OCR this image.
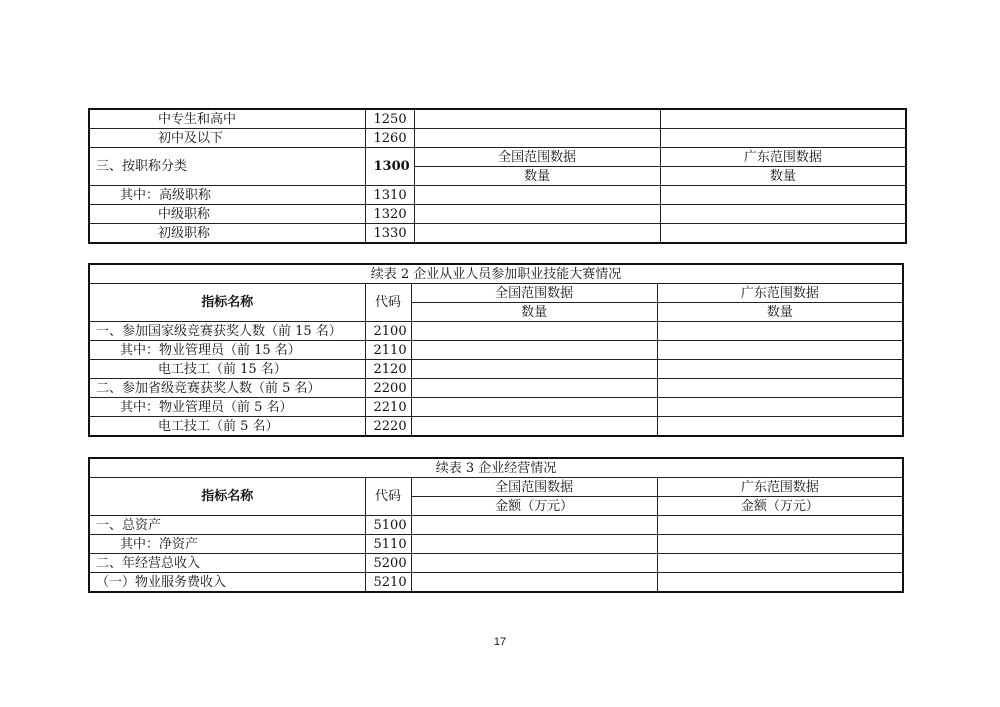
中专生和高中	1250		
初中及以下	1260		
三、按职称分类	1300	全国范围数据	广东范围数据
		数量	数量
其中：高级职称	1310		
中级职称	1320		
初级职称	1330		
续表 2 企业从业人员参加职业技能大赛情况			
指标名称	代码	全国范围数据	广东范围数据
		数量	数量
一、参加国家级竞赛获奖人数（前 15 名）	2100		
其中：物业管理员（前 15 名）	2110		
电工技工（前 15 名）	2120		
二、参加省级竞赛获奖人数（前 5 名）	2200		
其中：物业管理员（前 5 名）	2210		
电工技工（前 5 名）	2220		
续表 3 企业经营情况			
指标名称	代码	全国范围数据	广东范围数据
		金额（万元）	金额（万元）
一、总资产	5100		
其中：净资产	5110		
二、年经营总收入	5200		
（一）物业服务费收入	5210		
17
